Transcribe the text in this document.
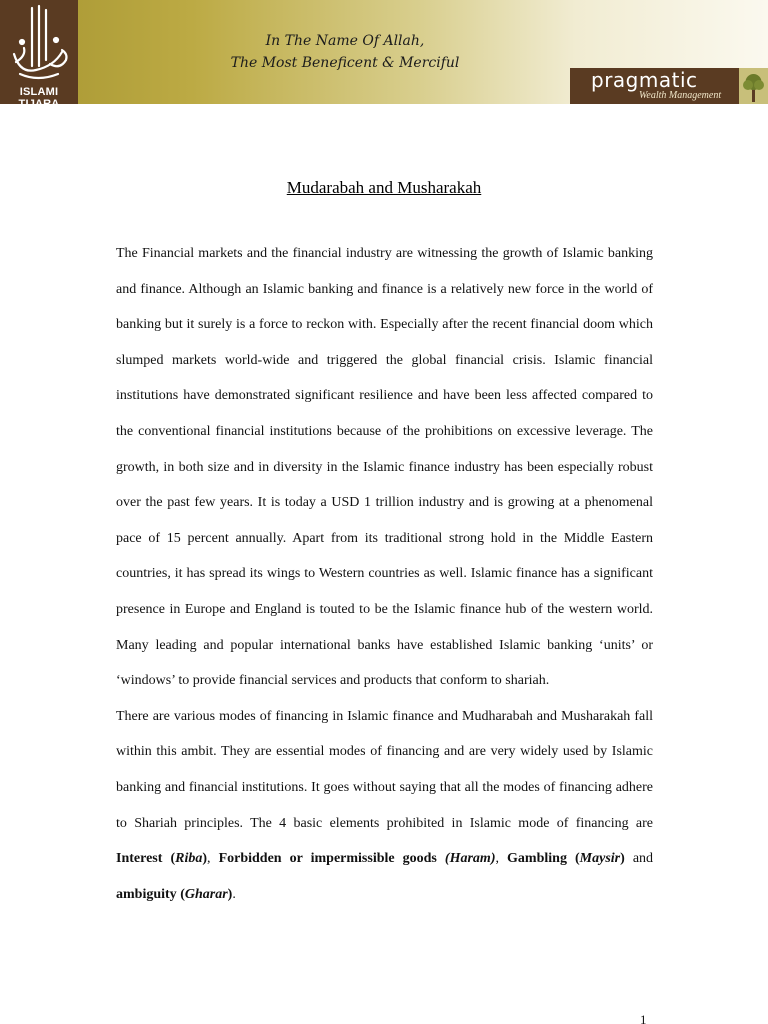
ISLAMI TIJARA
In The Name Of Allah,
The Most Beneficent & Merciful
pragmatic
Wealth Management
Mudarabah and Musharakah

The Financial markets and the financial industry are witnessing the growth of Islamic banking and finance. Although an Islamic banking and finance is a relatively new force in the world of banking but it surely is a force to reckon with. Especially after the recent financial doom which slumped markets world-wide and triggered the global financial crisis. Islamic financial institutions have demonstrated significant resilience and have been less affected compared to the conventional financial institutions because of the prohibitions on excessive leverage. The growth, in both size and in diversity in the Islamic finance industry has been especially robust over the past few years. It is today a USD 1 trillion industry and is growing at a phenomenal pace of 15 percent annually. Apart from its traditional strong hold in the Middle Eastern countries, it has spread its wings to Western countries as well. Islamic finance has a significant presence in Europe and England is touted to be the Islamic finance hub of the western world. Many leading and popular international banks have established Islamic banking ‘units’ or ‘windows’ to provide financial services and products that conform to shariah.

There are various modes of financing in Islamic finance and Mudharabah and Musharakah fall within this ambit. They are essential modes of financing and are very widely used by Islamic banking and financial institutions. It goes without saying that all the modes of financing adhere to Shariah principles. The 4 basic elements prohibited in Islamic mode of financing are Interest (Riba), Forbidden or impermissible goods (Haram), Gambling (Maysir) and ambiguity (Gharar).

1
